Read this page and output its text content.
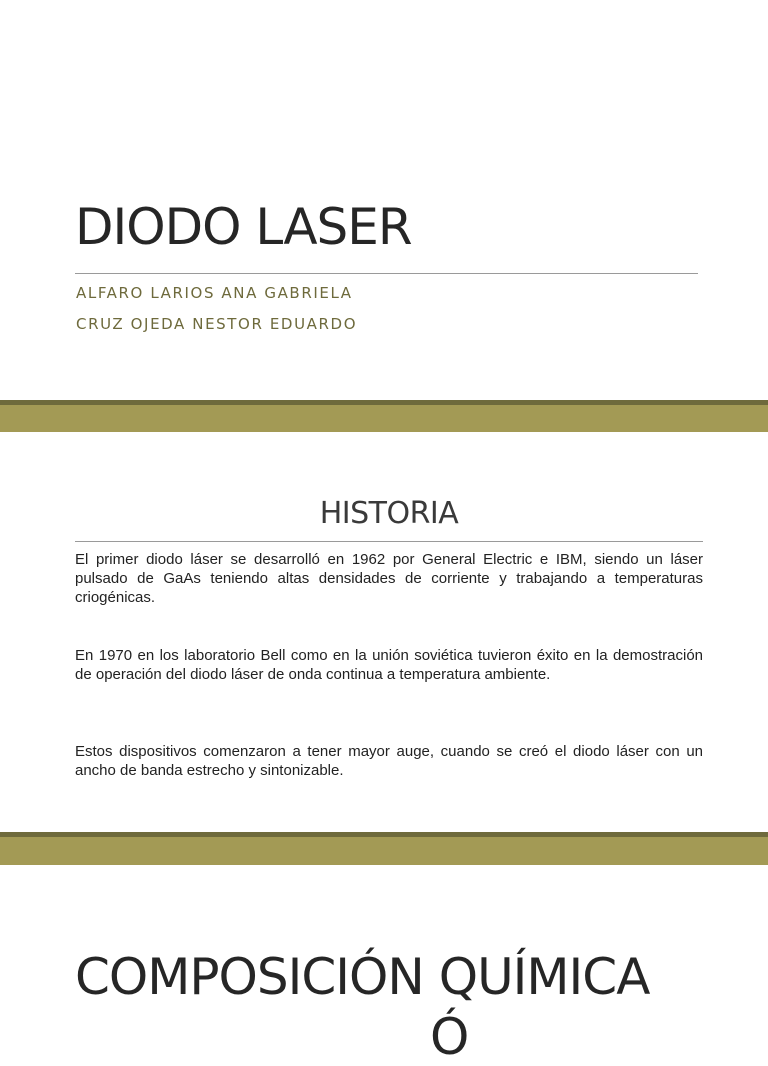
DIODO LASER

ALFARO LARIOS ANA GABRIELA

CRUZ OJEDA NESTOR EDUARDO

HISTORIA

El primer diodo láser se desarrolló en 1962 por General Electric e IBM, siendo un láser pulsado de GaAs teniendo altas densidades de corriente y trabajando a temperaturas criogénicas.

En 1970 en los laboratorio Bell como en la unión soviética tuvieron éxito en la demostración de operación del diodo láser de onda continua a temperatura ambiente.

Estos dispositivos comenzaron a tener mayor auge, cuando se creó el diodo láser con un ancho de banda estrecho y sintonizable.

COMPOSICIÓN QUÍMICA

Ó
